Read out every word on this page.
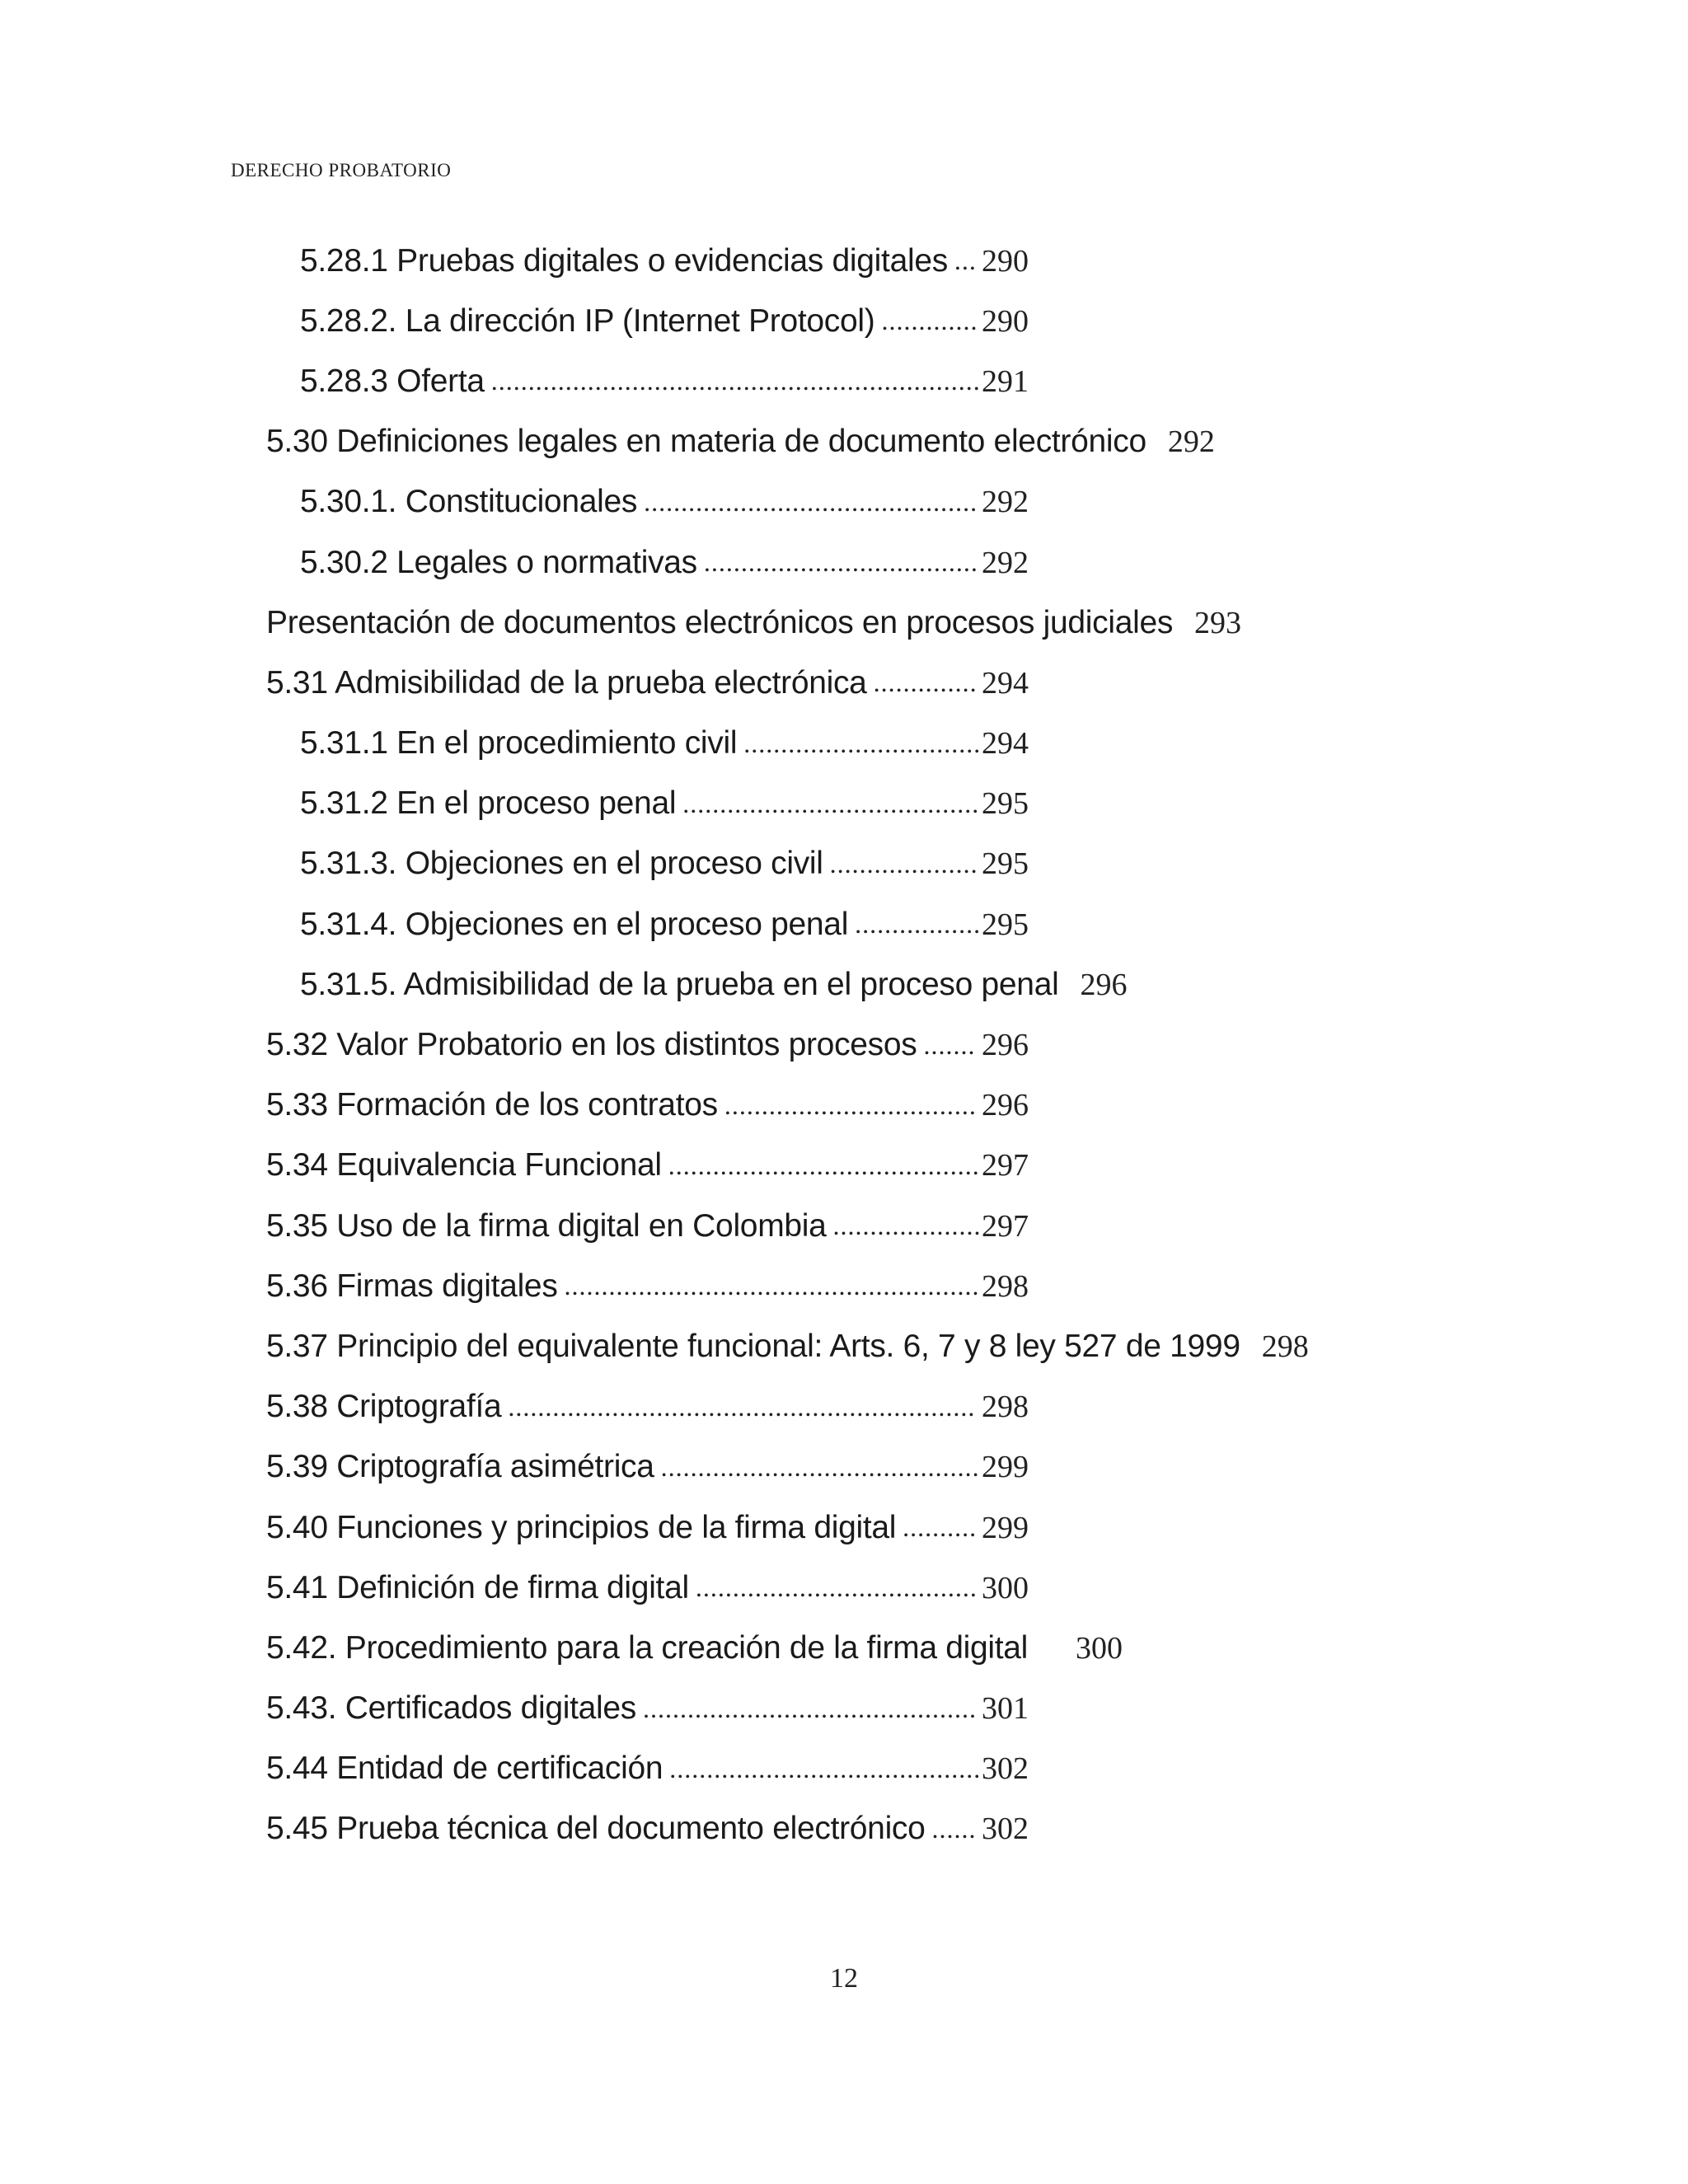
DERECHO PROBATORIO
5.28.1 Pruebas digitales o evidencias digitales ... 290
5.28.2. La dirección IP (Internet Protocol) ............. 290
5.28.3 Oferta .................................................................. 291
5.30 Definiciones legales en materia de documento electrónico 292
5.30.1. Constitucionales ............................................. 292
5.30.2 Legales o normativas ..................................... 292
Presentación de documentos electrónicos en procesos judiciales 293
5.31 Admisibilidad de la prueba electrónica .............. 294
5.31.1 En el procedimiento civil ................................ 294
5.31.2 En el proceso penal ........................................ 295
5.31.3. Objeciones en el proceso civil .................... 295
5.31.4. Objeciones en el proceso penal ................. 295
5.31.5. Admisibilidad de la prueba en el proceso penal 296
5.32 Valor Probatorio en los distintos procesos ....... 296
5.33 Formación de los contratos .................................. 296
5.34 Equivalencia Funcional .......................................... 297
5.35 Uso de la firma digital en Colombia .................... 297
5.36 Firmas digitales ........................................................ 298
5.37 Principio del equivalente funcional: Arts. 6, 7 y 8 ley 527 de 1999 298
5.38 Criptografía ............................................................... 298
5.39 Criptografía asimétrica ........................................... 299
5.40 Funciones y principios de la firma digital .......... 299
5.41 Definición de firma digital ...................................... 300
5.42. Procedimiento para la creación de la firma digital 300
5.43. Certificados digitales ............................................. 301
5.44 Entidad de certificación .......................................... 302
5.45 Prueba técnica del documento electrónico ...... 302
12
